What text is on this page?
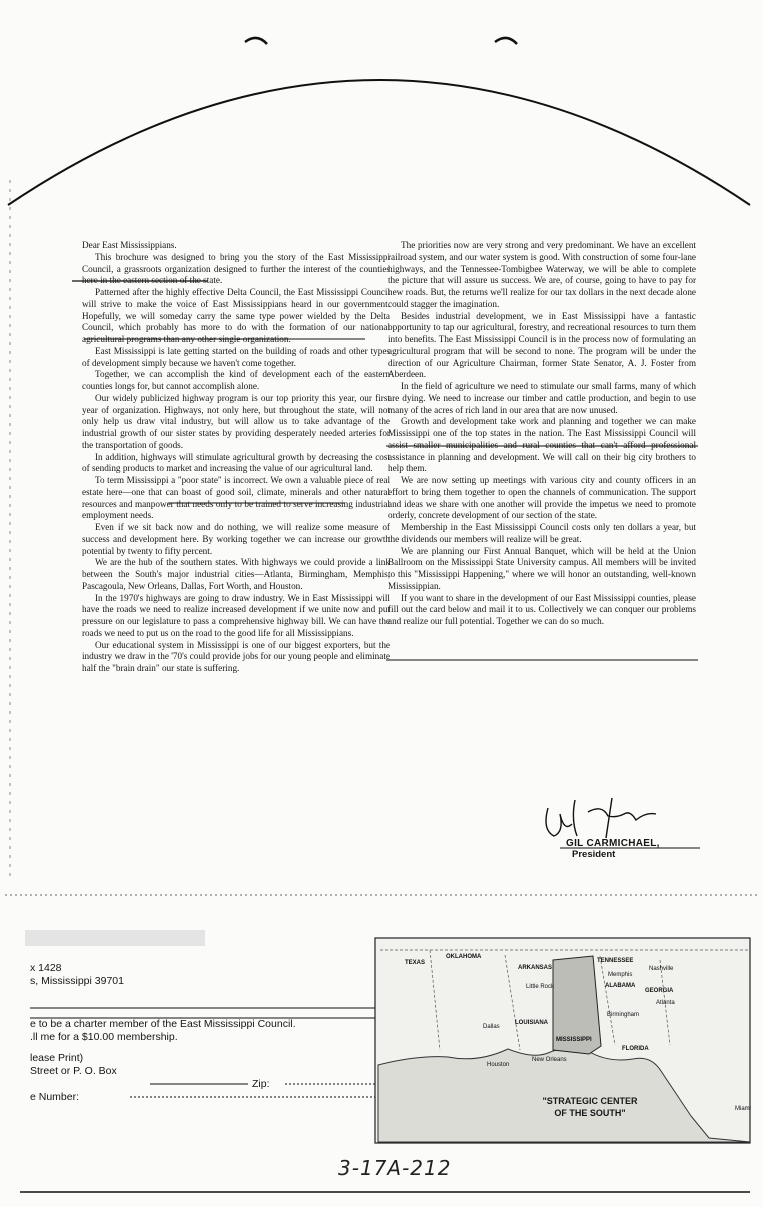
Dear East Mississippians.

This brochure was designed to bring you the story of the East Mississippi Council, a grassroots organization designed to further the interest of the counties here in the eastern section of the state.

Patterned after the highly effective Delta Council, the East Mississippi Council will strive to make the voice of East Mississippians heard in our government. Hopefully, we will someday carry the same type power wielded by the Delta Council, which probably has more to do with the formation of our national agricultural programs than any other single organization.

East Mississippi is late getting started on the building of roads and other types of development simply because we haven't come together.

Together, we can accomplish the kind of development each of the eastern counties longs for, but cannot accomplish alone.

Our widely publicized highway program is our top priority this year, our first year of organization. Highways, not only here, but throughout the state, will not only help us draw vital industry, but will allow us to take advantage of the industrial growth of our sister states by providing desperately needed arteries for the transportation of goods.

In addition, highways will stimulate agricultural growth by decreasing the cost of sending products to market and increasing the value of our agricultural land.

To term Mississippi a "poor state" is incorrect. We own a valuable piece of real estate here—one that can boast of good soil, climate, minerals and other natural resources and manpower that needs only to be trained to serve increasing industrial employment needs.

Even if we sit back now and do nothing, we will realize some measure of success and development here. By working together we can increase our growth potential by twenty to fifty percent.

We are the hub of the southern states. With highways we could provide a link between the South's major industrial cities—Atlanta, Birmingham, Memphis, Pascagoula, New Orleans, Dallas, Fort Worth, and Houston.

In the 1970's highways are going to draw industry. We in East Mississippi will have the roads we need to realize increased development if we unite now and put pressure on our legislature to pass a comprehensive highway bill. We can have the roads we need to put us on the road to the good life for all Mississippians.

Our educational system in Mississippi is one of our biggest exporters, but the industry we draw in the '70's could provide jobs for our young people and eliminate half the "brain drain" our state is suffering.

The priorities now are very strong and very predominant. We have an excellent railroad system, and our water system is good. With construction of some four-lane highways, and the Tennessee-Tombigbee Waterway, we will be able to complete the picture that will assure us success. We are, of course, going to have to pay for new roads. But, the returns we'll realize for our tax dollars in the next decade alone could stagger the imagination.

Besides industrial development, we in East Mississippi have a fantastic opportunity to tap our agricultural, forestry, and recreational resources to turn them into benefits. The East Mississippi Council is in the process now of formulating an agricultural program that will be second to none. The program will be under the direction of our Agriculture Chairman, former State Senator, A. J. Foster from Aberdeen.

In the field of agriculture we need to stimulate our small farms, many of which are dying. We need to increase our timber and cattle production, and begin to use many of the acres of rich land in our area that are now unused.

Growth and development take work and planning and together we can make Mississippi one of the top states in the nation. The East Mississippi Council will assist smaller municipalities and rural counties that can't afford professional assistance in planning and development. We will call on their big city brothers to help them.

We are now setting up meetings with various city and county officers in an effort to bring them together to open the channels of communication. The support and ideas we share with one another will provide the impetus we need to promote orderly, concrete development of our section of the state.

Membership in the East Mississippi Council costs only ten dollars a year, but the dividends our members will realize will be great.

We are planning our First Annual Banquet, which will be held at the Union Ballroom on the Mississippi State University campus. All members will be invited to this "Mississippi Happening," where we will honor an outstanding, well-known Mississippian.

If you want to share in the development of our East Mississippi counties, please fill out the card below and mail it to us. Collectively we can conquer our problems and realize our full potential. Together we can do so much.

GIL CARMICHAEL,
President
x 1428
s, Mississippi 39701
e to be a charter member of the East Mississippi Council.
.ll me for a $10.00 membership.
lease Print)
Street or P. O. Box
Zip:
e Number:
OKLAHOMA
TEXAS
ARKANSAS
TENNESSEE
ALABAMA
GEORGIA
LOUISIANA
MISSISSIPPI
FLORIDA
Memphis
Nashville
Little Rock
Atlanta
Birmingham
Dallas
Houston
New Orleans
Miami
"STRATEGIC CENTER
OF THE SOUTH"
3-17A-212
